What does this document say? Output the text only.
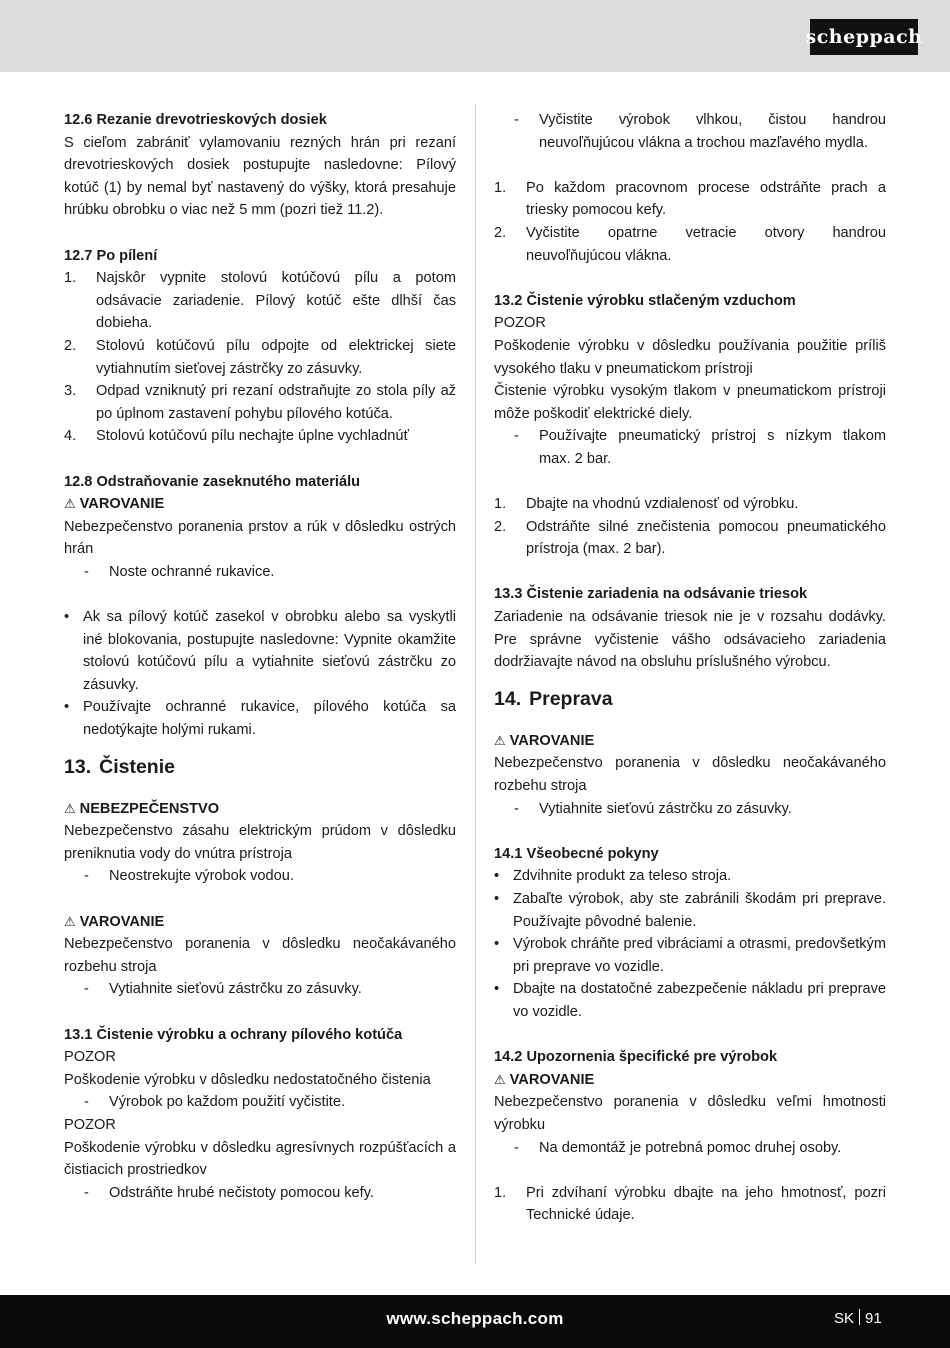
scheppach

12.6 Rezanie drevotrieskových dosiek

S cieľom zabrániť vylamovaniu rezných hrán pri rezaní drevotrieskových dosiek postupujte nasledovne: Pílový kotúč (1) by nemal byť nastavený do výšky, ktorá presahuje hrúbku obrobku o viac než 5 mm (pozri tiež 11.2).

12.7 Po pílení

1. Najskôr vypnite stolovú kotúčovú pílu a potom odsávacie zariadenie. Pílový kotúč ešte dlhší čas dobieha.
2. Stolovú kotúčovú pílu odpojte od elektrickej siete vytiahnutím sieťovej zástrčky zo zásuvky.
3. Odpad vzniknutý pri rezaní odstraňujte zo stola píly až po úplnom zastavení pohybu pílového kotúča.
4. Stolovú kotúčovú pílu nechajte úplne vychladnúť

12.8 Odstraňovanie zaseknutého materiálu

⚠ VAROVANIE

Nebezpečenstvo poranenia prstov a rúk v dôsledku ostrých hrán

- Noste ochranné rukavice.
• Ak sa pílový kotúč zasekol v obrobku alebo sa vyskytli iné blokovania, postupujte nasledovne: Vypnite okamžite stolovú kotúčovú pílu a vytiahnite sieťovú zástrčku zo zásuvky.
• Používajte ochranné rukavice, pílového kotúča sa nedotýkajte holými rukami.

13. Čistenie

⚠ NEBEZPEČENSTVO

Nebezpečenstvo zásahu elektrickým prúdom v dôsledku preniknutia vody do vnútra prístroja

- Neostrekujte výrobok vodou.

⚠ VAROVANIE

Nebezpečenstvo poranenia v dôsledku neočakávaného rozbehu stroja

- Vytiahnite sieťovú zástrčku zo zásuvky.

13.1 Čistenie výrobku a ochrany pílového kotúča

POZOR

Poškodenie výrobku v dôsledku nedostatočného čistenia

- Výrobok po každom použití vyčistite.

POZOR

Poškodenie výrobku v dôsledku agresívnych rozpúšťacích a čistiacich prostriedkov

- Odstráňte hrubé nečistoty pomocou kefy.
- Vyčistite výrobok vlhkou, čistou handrou neuvoľňujúcou vlákna a trochou mazľavého mydla.
1. Po každom pracovnom procese odstráňte prach a triesky pomocou kefy.
2. Vyčistite opatrne vetracie otvory handrou neuvoľňujúcou vlákna.

13.2 Čistenie výrobku stlačeným vzduchom

POZOR

Poškodenie výrobku v dôsledku používania použitie príliš vysokého tlaku v pneumatickom prístroji

Čistenie výrobku vysokým tlakom v pneumatickom prístroji môže poškodiť elektrické diely.

- Používajte pneumatický prístroj s nízkym tlakom max. 2 bar.
1. Dbajte na vhodnú vzdialenosť od výrobku.
2. Odstráňte silné znečistenia pomocou pneumatického prístroja (max. 2 bar).

13.3 Čistenie zariadenia na odsávanie triesok

Zariadenie na odsávanie triesok nie je v rozsahu dodávky. Pre správne vyčistenie vášho odsávacieho zariadenia dodržiavajte návod na obsluhu príslušného výrobcu.

14. Preprava

⚠ VAROVANIE

Nebezpečenstvo poranenia v dôsledku neočakávaného rozbehu stroja

- Vytiahnite sieťovú zástrčku zo zásuvky.

14.1 Všeobecné pokyny

• Zdvihnite produkt za teleso stroja.
• Zabaľte výrobok, aby ste zabránili škodám pri preprave. Používajte pôvodné balenie.
• Výrobok chráňte pred vibráciami a otrasmi, predovšetkým pri preprave vo vozidle.
• Dbajte na dostatočné zabezpečenie nákladu pri preprave vo vozidle.

14.2 Upozornenia špecifické pre výrobok

⚠ VAROVANIE

Nebezpečenstvo poranenia v dôsledku veľmi hmotnosti výrobku

- Na demontáž je potrebná pomoc druhej osoby.
1. Pri zdvíhaní výrobku dbajte na jeho hmotnosť, pozri Technické údaje.
www.scheppach.com	SK 91
